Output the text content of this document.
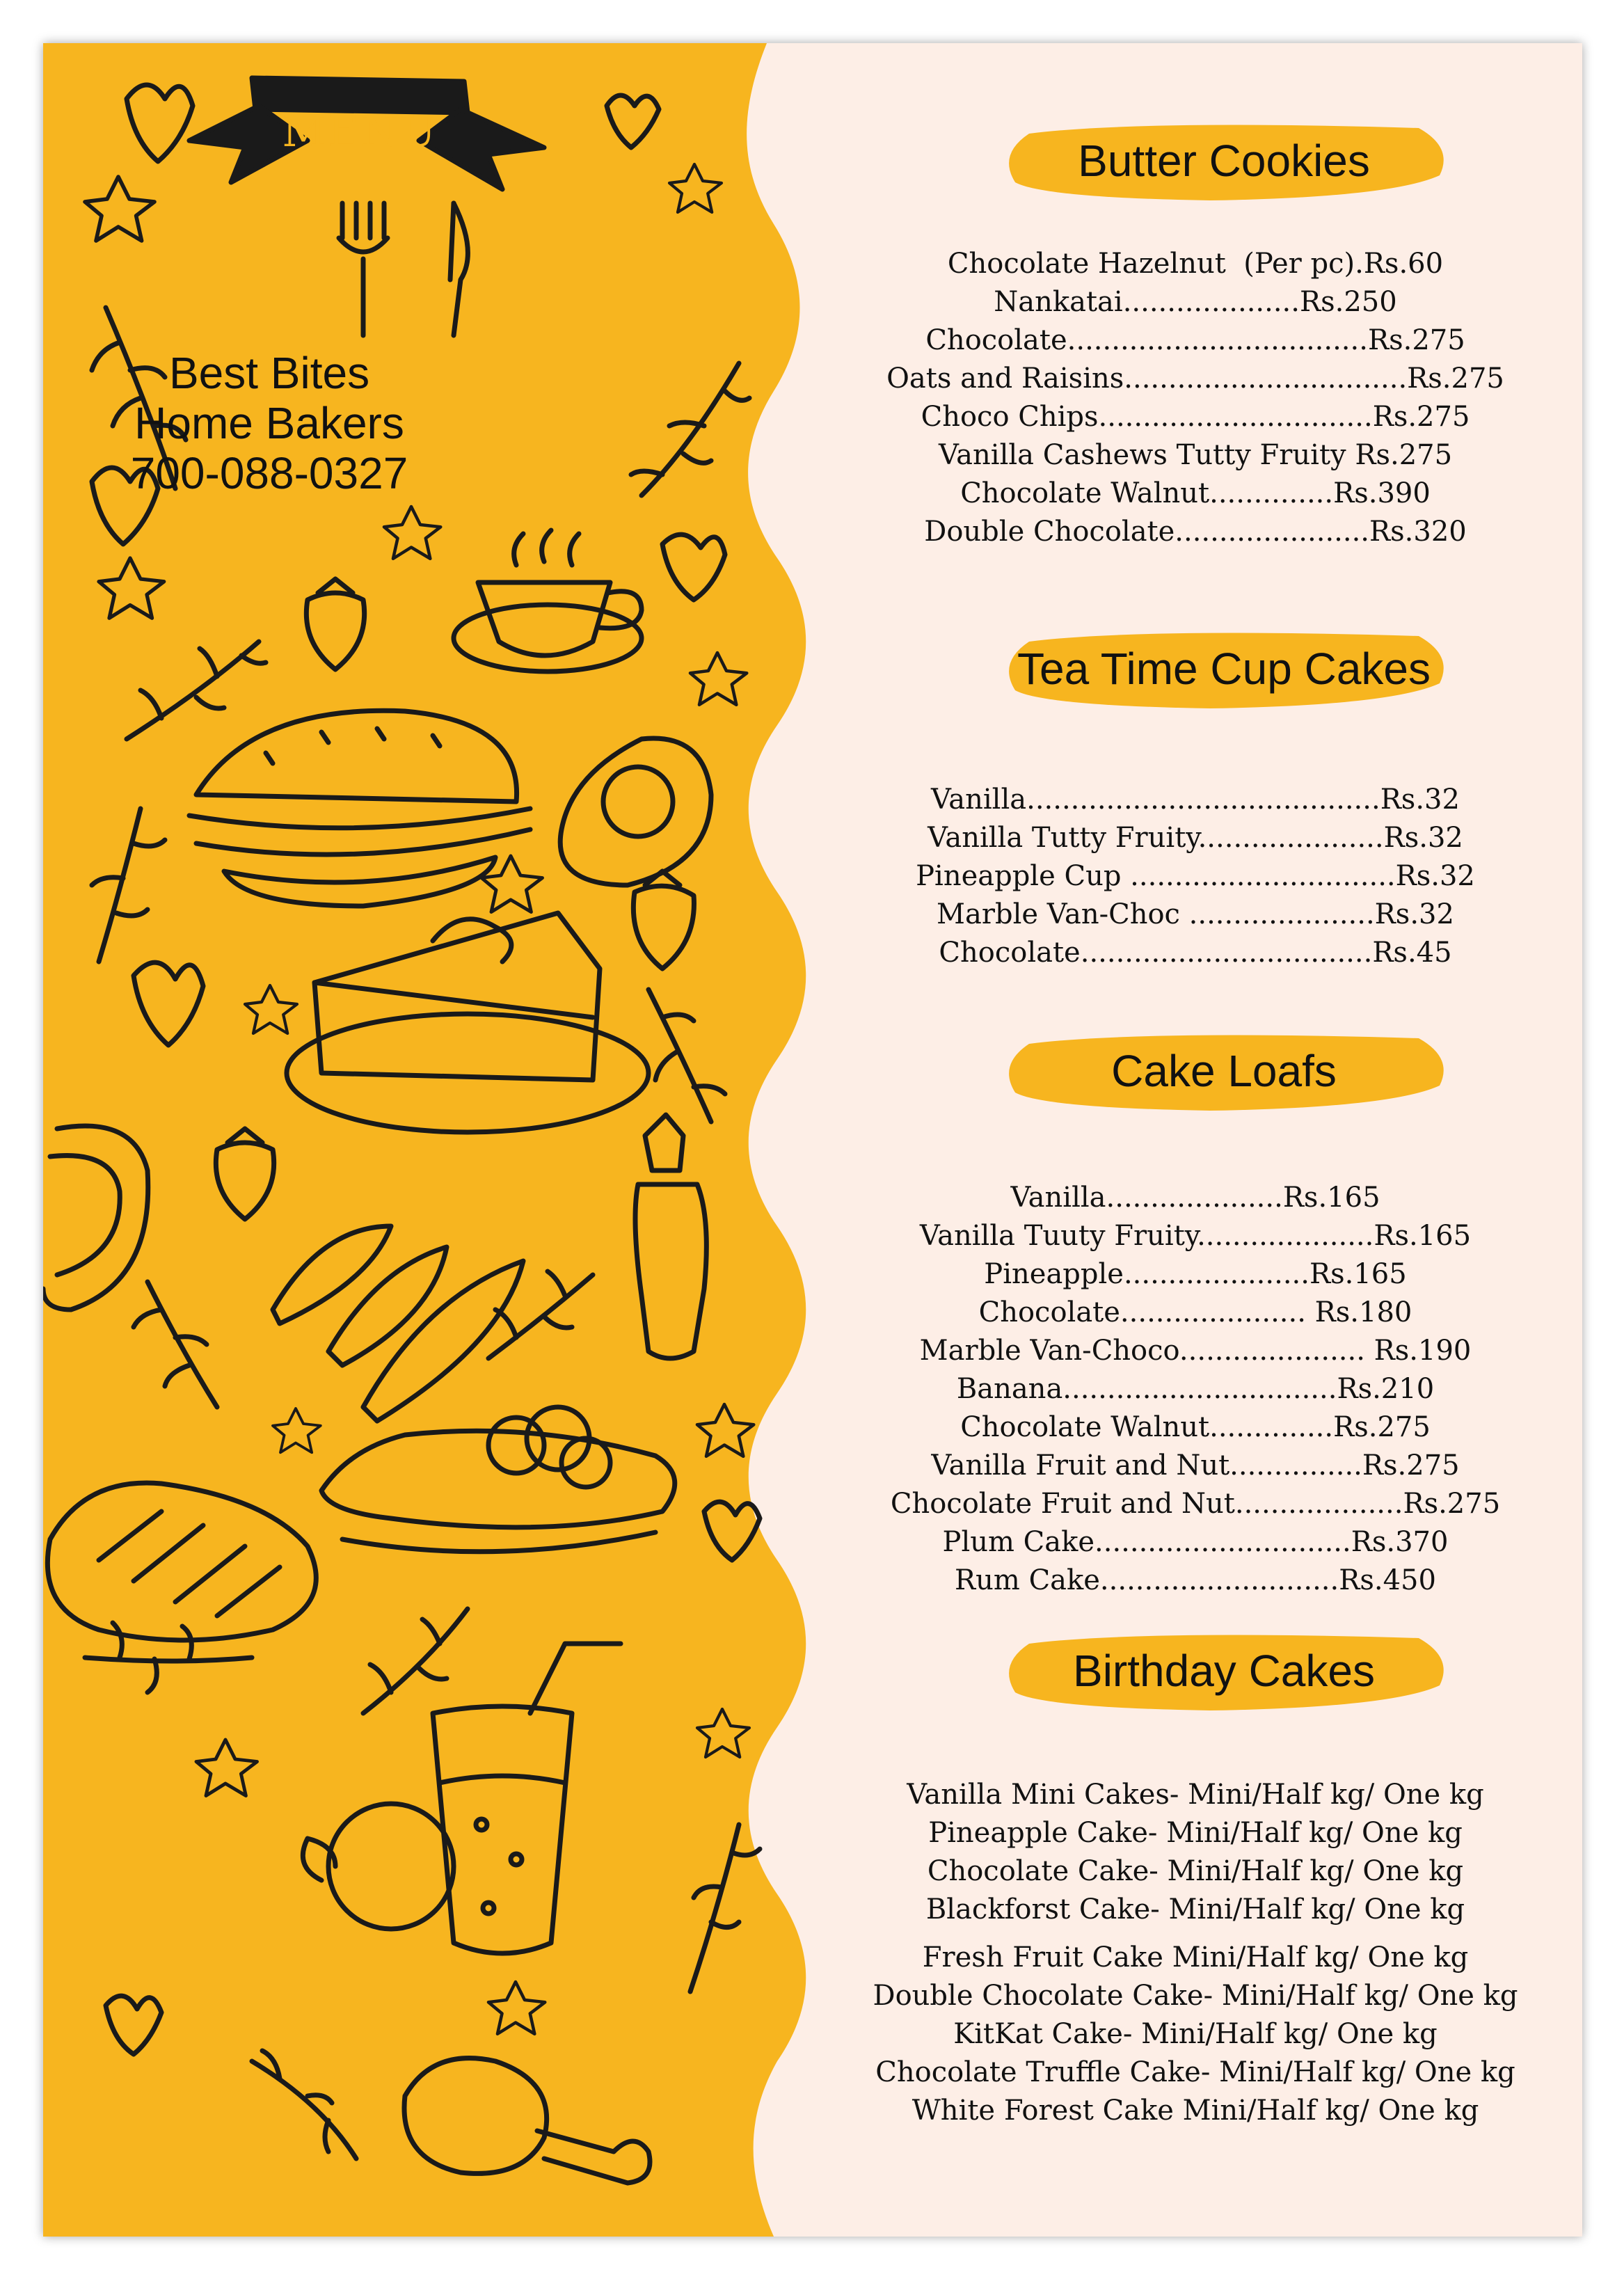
MENU
Best Bites
Home Bakers
700-088-0327
Butter Cookies
Chocolate Hazelnut  (Per pc).Rs.60
Nankatai....................Rs.250
Chocolate..................................Rs.275
Oats and Raisins................................Rs.275
Choco Chips...............................Rs.275
Vanilla Cashews Tutty Fruity Rs.275
Chocolate Walnut..............Rs.390
Double Chocolate......................Rs.320
Tea Time Cup Cakes
Vanilla........................................Rs.32
Vanilla Tutty Fruity.....................Rs.32
Pineapple Cup ..............................Rs.32
Marble Van-Choc .....................Rs.32
Chocolate.................................Rs.45
Cake Loafs
Vanilla....................Rs.165
Vanilla Tuuty Fruity....................Rs.165
Pineapple.....................Rs.165
Chocolate..................... Rs.180
Marble Van-Choco..................... Rs.190
Banana...............................Rs.210
Chocolate Walnut..............Rs.275
Vanilla Fruit and Nut...............Rs.275
Chocolate Fruit and Nut...................Rs.275
Plum Cake.............................Rs.370
Rum Cake...........................Rs.450
Birthday Cakes
Vanilla Mini Cakes- Mini/Half kg/ One kg
Pineapple Cake- Mini/Half kg/ One kg
Chocolate Cake- Mini/Half kg/ One kg
Blackforst Cake- Mini/Half kg/ One kg
Fresh Fruit Cake Mini/Half kg/ One kg
Double Chocolate Cake- Mini/Half kg/ One kg
KitKat Cake- Mini/Half kg/ One kg
Chocolate Truffle Cake- Mini/Half kg/ One kg
White Forest Cake Mini/Half kg/ One kg
